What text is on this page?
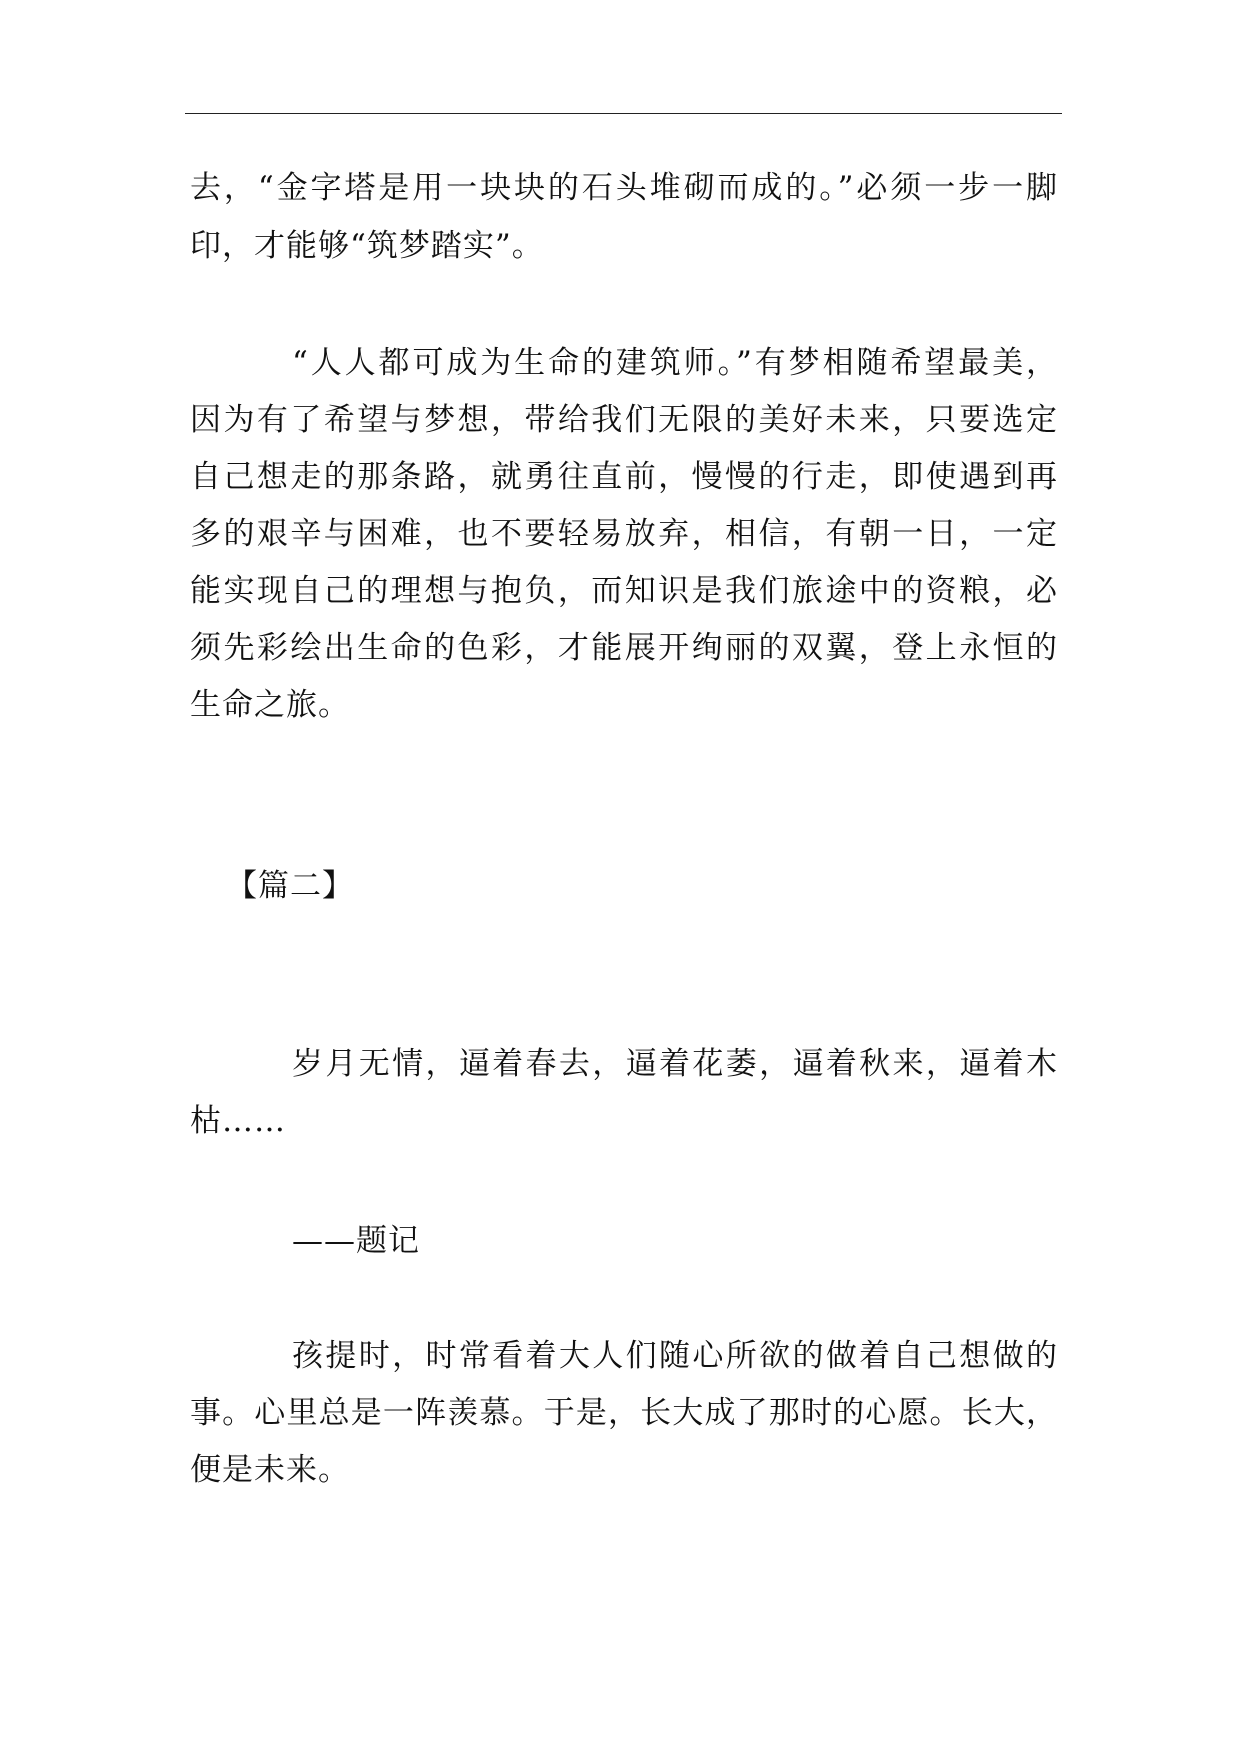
去，“金字塔是用一块块的石头堆砌而成的。”必须一步一脚
印，才能够“筑梦踏实”。
“人人都可成为生命的建筑师。”有梦相随希望最美，
因为有了希望与梦想，带给我们无限的美好未来，只要选定
自己想走的那条路，就勇往直前，慢慢的行走，即使遇到再
多的艰辛与困难，也不要轻易放弃，相信，有朝一日，一定
能实现自己的理想与抱负，而知识是我们旅途中的资粮，必
须先彩绘出生命的色彩，才能展开绚丽的双翼，登上永恒的
生命之旅。
【篇二】
岁月无情，逼着春去，逼着花萎，逼着秋来，逼着木
枯……
——题记
孩提时，时常看着大人们随心所欲的做着自己想做的
事。心里总是一阵羡慕。于是，长大成了那时的心愿。长大，
便是未来。
